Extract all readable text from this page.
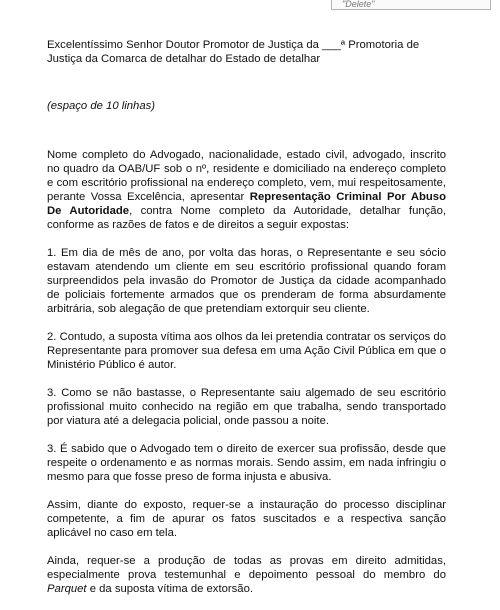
"Delete"

Excelentíssimo Senhor Doutor Promotor de Justiça da ___ª Promotoria de Justiça da Comarca de detalhar do Estado de detalhar

(espaço de 10 linhas)

Nome completo do Advogado, nacionalidade, estado civil, advogado, inscrito no quadro da OAB/UF sob o nº, residente e domiciliado na endereço completo e com escritório profissional na endereço completo, vem, mui respeitosamente, perante Vossa Excelência, apresentar Representação Criminal Por Abuso De Autoridade, contra Nome completo da Autoridade, detalhar função, conforme as razões de fatos e de direitos a seguir expostas:

1. Em dia de mês de ano, por volta das horas, o Representante e seu sócio estavam atendendo um cliente em seu escritório profissional quando foram surpreendidos pela invasão do Promotor de Justiça da cidade acompanhado de policiais fortemente armados que os prenderam de forma absurdamente arbitrária, sob alegação de que pretendiam extorquir seu cliente.

2. Contudo, a suposta vítima aos olhos da lei pretendia contratar os serviços do Representante para promover sua defesa em uma Ação Civil Pública em que o Ministério Público é autor.

3. Como se não bastasse, o Representante saiu algemado de seu escritório profissional muito conhecido na região em que trabalha, sendo transportado por viatura até a delegacia policial, onde passou a noite.

3. É sabido que o Advogado tem o direito de exercer sua profissão, desde que respeite o ordenamento e as normas morais. Sendo assim, em nada infringiu o mesmo para que fosse preso de forma injusta e abusiva.

Assim, diante do exposto, requer-se a instauração do processo disciplinar competente, a fim de apurar os fatos suscitados e a respectiva sanção aplicável no caso em tela.

Ainda, requer-se a produção de todas as provas em direito admitidas, especialmente prova testemunhal e depoimento pessoal do membro do Parquet e da suposta vítima de extorsão.
